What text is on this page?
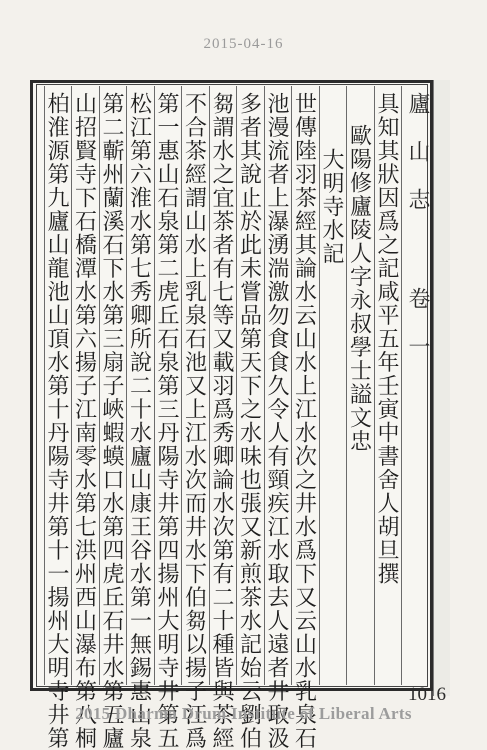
2015-04-16
廬山志 卷一
具知其狀因爲之記咸平五年壬寅中書舍人胡旦撰
歐陽修廬陵人字永叔學士謚文忠
大明寺水記
世傳陸羽茶經其論水云山水上江水次之井水爲下又云山水乳泉石
池漫流者上瀑湧湍激勿食食久令人有頸疾江水取去人遠者井取汲
多者其說止於此未嘗品第天下之水味也張又新煎茶水記始云劉伯
芻謂水之宜茶者有七等又載羽爲秀卿論水次第有二十種皆與茶經
不合茶經謂山水上乳泉石池又上江水次而井水下伯芻以揚子江爲
第一惠山石泉第二虎丘石泉第三丹陽寺井第四揚州大明寺井第五
松江第六淮水第七秀卿所說二十水廬山康王谷水第一無錫惠山泉
第二蘄州蘭溪石下水第三扇子峽蝦蟆口水第四虎丘石井水第五廬
山招賢寺下石橋潭水第六揚子江南零水第七洪州西山瀑布第八桐
柏淮源第九廬山龍池山頂水第十丹陽寺井第十一揚州大明寺井第	1016
2015 Dharma Drum Institute of Liberal Arts
